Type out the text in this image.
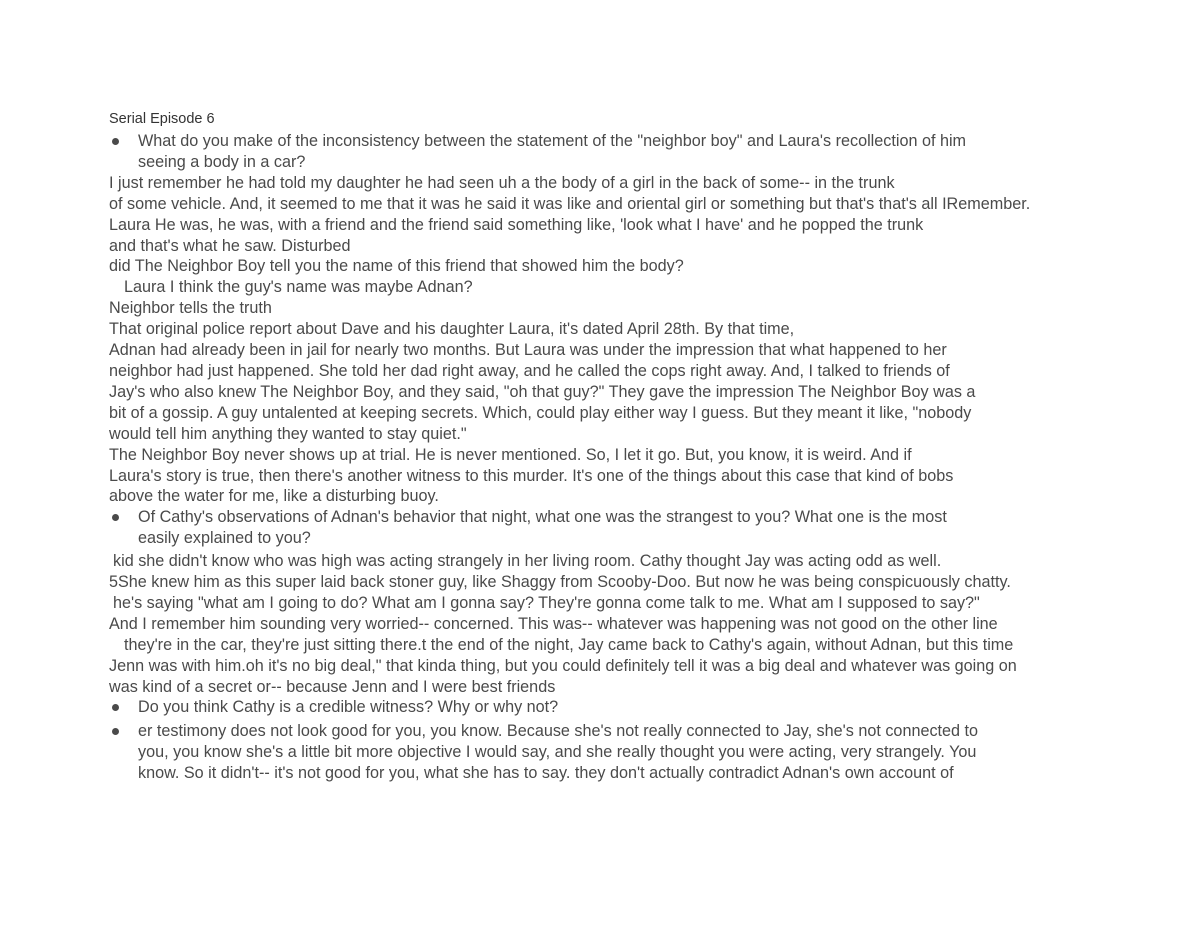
Serial Episode 6
What do you make of the inconsistency between the statement of the "neighbor boy" and Laura's recollection of him
seeing a body in a car?
I just remember he had told my daughter he had seen uh a the body of a girl in the back of some-- in the trunk
of some vehicle. And, it seemed to me that it was he said it was like and oriental girl or something but that's that's all IRemember.
Laura He was, he was, with a friend and the friend said something like, 'look what I have' and he popped the trunk
and that's what he saw. Disturbed
did The Neighbor Boy tell you the name of this friend that showed him the body?
Laura I think the guy's name was maybe Adnan?
Neighbor tells the truth
That original police report about Dave and his daughter Laura, it's dated April 28th. By that time,
Adnan had already been in jail for nearly two months. But Laura was under the impression that what happened to her
neighbor had just happened. She told her dad right away, and he called the cops right away. And, I talked to friends of
Jay's who also knew The Neighbor Boy, and they said, "oh that guy?" They gave the impression The Neighbor Boy was a
bit of a gossip. A guy untalented at keeping secrets. Which, could play either way I guess. But they meant it like, "nobody
would tell him anything they wanted to stay quiet."
The Neighbor Boy never shows up at trial. He is never mentioned. So, I let it go. But, you know, it is weird. And if
Laura's story is true, then there's another witness to this murder. It's one of the things about this case that kind of bobs
above the water for me, like a disturbing buoy.
Of Cathy's observations of Adnan's behavior that night, what one was the strangest to you? What one is the most
easily explained to you?
kid she didn't know who was high was acting strangely in her living room. Cathy thought Jay was acting odd as well.
5She knew him as this super laid back stoner guy, like Shaggy from Scooby-Doo. But now he was being conspicuously chatty.
he's saying "what am I going to do? What am I gonna say? They're gonna come talk to me. What am I supposed to say?"
And I remember him sounding very worried-- concerned. This was-- whatever was happening was not good on the other line
they're in the car, they're just sitting there.t the end of the night, Jay came back to Cathy's again, without Adnan, but this time
Jenn was with him.oh it's no big deal," that kinda thing, but you could definitely tell it was a big deal and whatever was going on
was kind of a secret or-- because Jenn and I were best friends
Do you think Cathy is a credible witness? Why or why not?
er testimony does not look good for you, you know. Because she's not really connected to Jay, she's not connected to
you, you know she's a little bit more objective I would say, and she really thought you were acting, very strangely. You
know. So it didn't-- it's not good for you, what she has to say. they don't actually contradict Adnan's own account of
